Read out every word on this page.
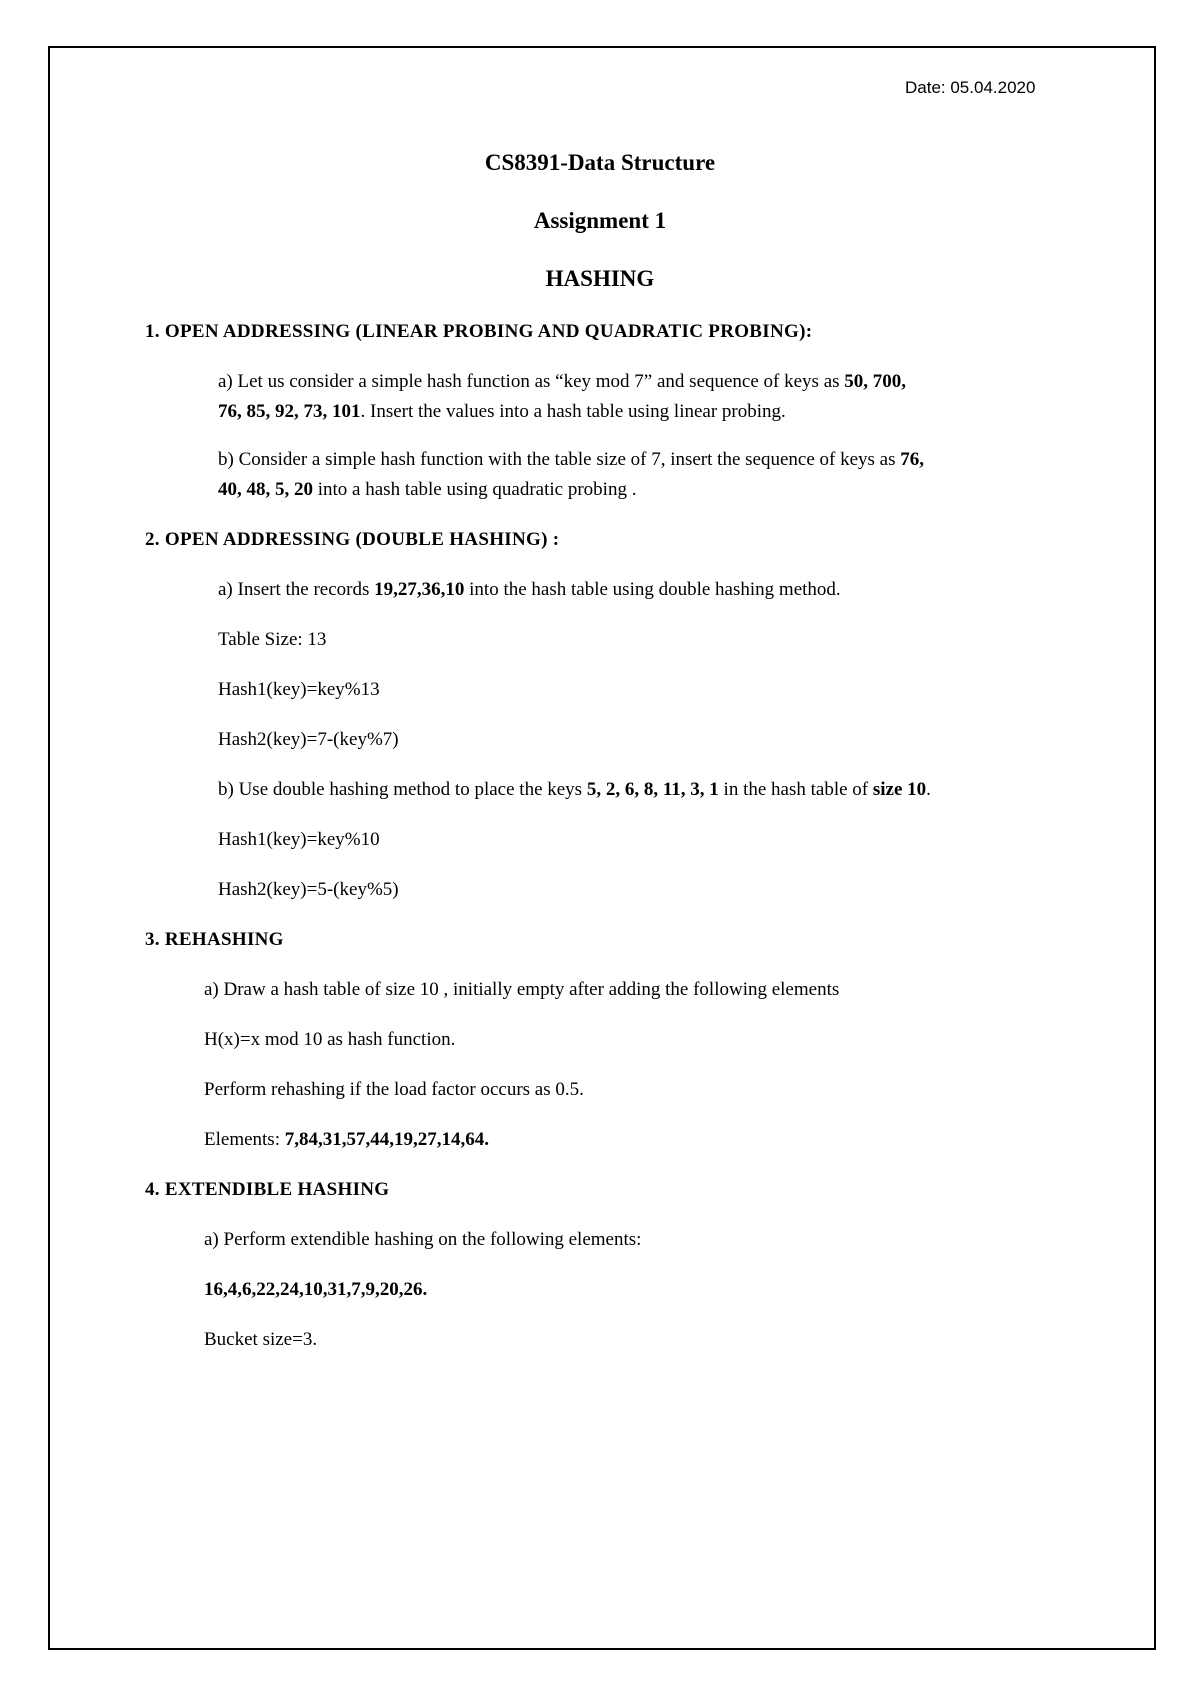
Date: 05.04.2020
CS8391-Data Structure
Assignment 1
HASHING
1. OPEN ADDRESSING (LINEAR PROBING AND QUADRATIC PROBING):
a) Let us consider a simple hash function as “key mod 7” and sequence of keys as 50, 700,
76, 85, 92, 73, 101. Insert the values into a hash table using linear probing.
b) Consider a simple hash function with the table size of 7, insert the sequence of keys as 76,
40, 48, 5, 20 into a hash table using quadratic probing .
2. OPEN ADDRESSING (DOUBLE HASHING) :
a) Insert the records 19,27,36,10 into the hash table using double hashing method.
Table Size: 13
Hash1(key)=key%13
Hash2(key)=7-(key%7)
b) Use double hashing method to place the keys 5, 2, 6, 8, 11, 3, 1 in the hash table of size 10.
Hash1(key)=key%10
Hash2(key)=5-(key%5)
3. REHASHING
a) Draw a hash table of size 10 , initially empty after adding the following elements
H(x)=x mod 10 as hash function.
Perform rehashing if the load factor occurs as 0.5.
Elements: 7,84,31,57,44,19,27,14,64.
4. EXTENDIBLE HASHING
a) Perform extendible hashing on the following elements:
16,4,6,22,24,10,31,7,9,20,26.
Bucket size=3.
